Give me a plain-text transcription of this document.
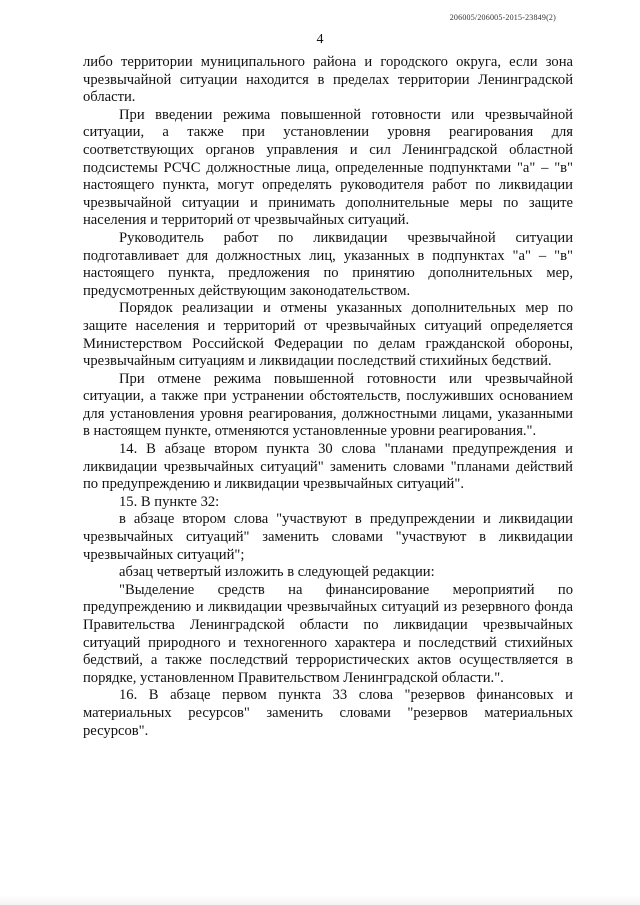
206005/206005-2015-23849(2)
4

либо территории муниципального района и городского округа, если зона чрезвычайной ситуации находится в пределах территории Ленинградской области.

При введении режима повышенной готовности или чрезвычайной ситуации, а также при установлении уровня реагирования для соответствующих органов управления и сил Ленинградской областной подсистемы РСЧС должностные лица, определенные подпунктами "а" – "в" настоящего пункта, могут определять руководителя работ по ликвидации чрезвычайной ситуации и принимать дополнительные меры по защите населения и территорий от чрезвычайных ситуаций.

Руководитель работ по ликвидации чрезвычайной ситуации подготавливает для должностных лиц, указанных в подпунктах "а" – "в" настоящего пункта, предложения по принятию дополнительных мер, предусмотренных действующим законодательством.

Порядок реализации и отмены указанных дополнительных мер по защите населения и территорий от чрезвычайных ситуаций определяется Министерством Российской Федерации по делам гражданской обороны, чрезвычайным ситуациям и ликвидации последствий стихийных бедствий.

При отмене режима повышенной готовности или чрезвычайной ситуации, а также при устранении обстоятельств, послуживших основанием для установления уровня реагирования, должностными лицами, указанными в настоящем пункте, отменяются установленные уровни реагирования.".

14. В абзаце втором пункта 30 слова "планами предупреждения и ликвидации чрезвычайных ситуаций" заменить словами "планами действий по предупреждению и ликвидации чрезвычайных ситуаций".

15. В пункте 32:

в абзаце втором слова "участвуют в предупреждении и ликвидации чрезвычайных ситуаций" заменить словами "участвуют в ликвидации чрезвычайных ситуаций";

абзац четвертый изложить в следующей редакции:

"Выделение средств на финансирование мероприятий по предупреждению и ликвидации чрезвычайных ситуаций из резервного фонда Правительства Ленинградской области по ликвидации чрезвычайных ситуаций природного и техногенного характера и последствий стихийных бедствий, а также последствий террористических актов осуществляется в порядке, установленном Правительством Ленинградской области.".

16. В абзаце первом пункта 33 слова "резервов финансовых и материальных ресурсов" заменить словами "резервов материальных ресурсов".
